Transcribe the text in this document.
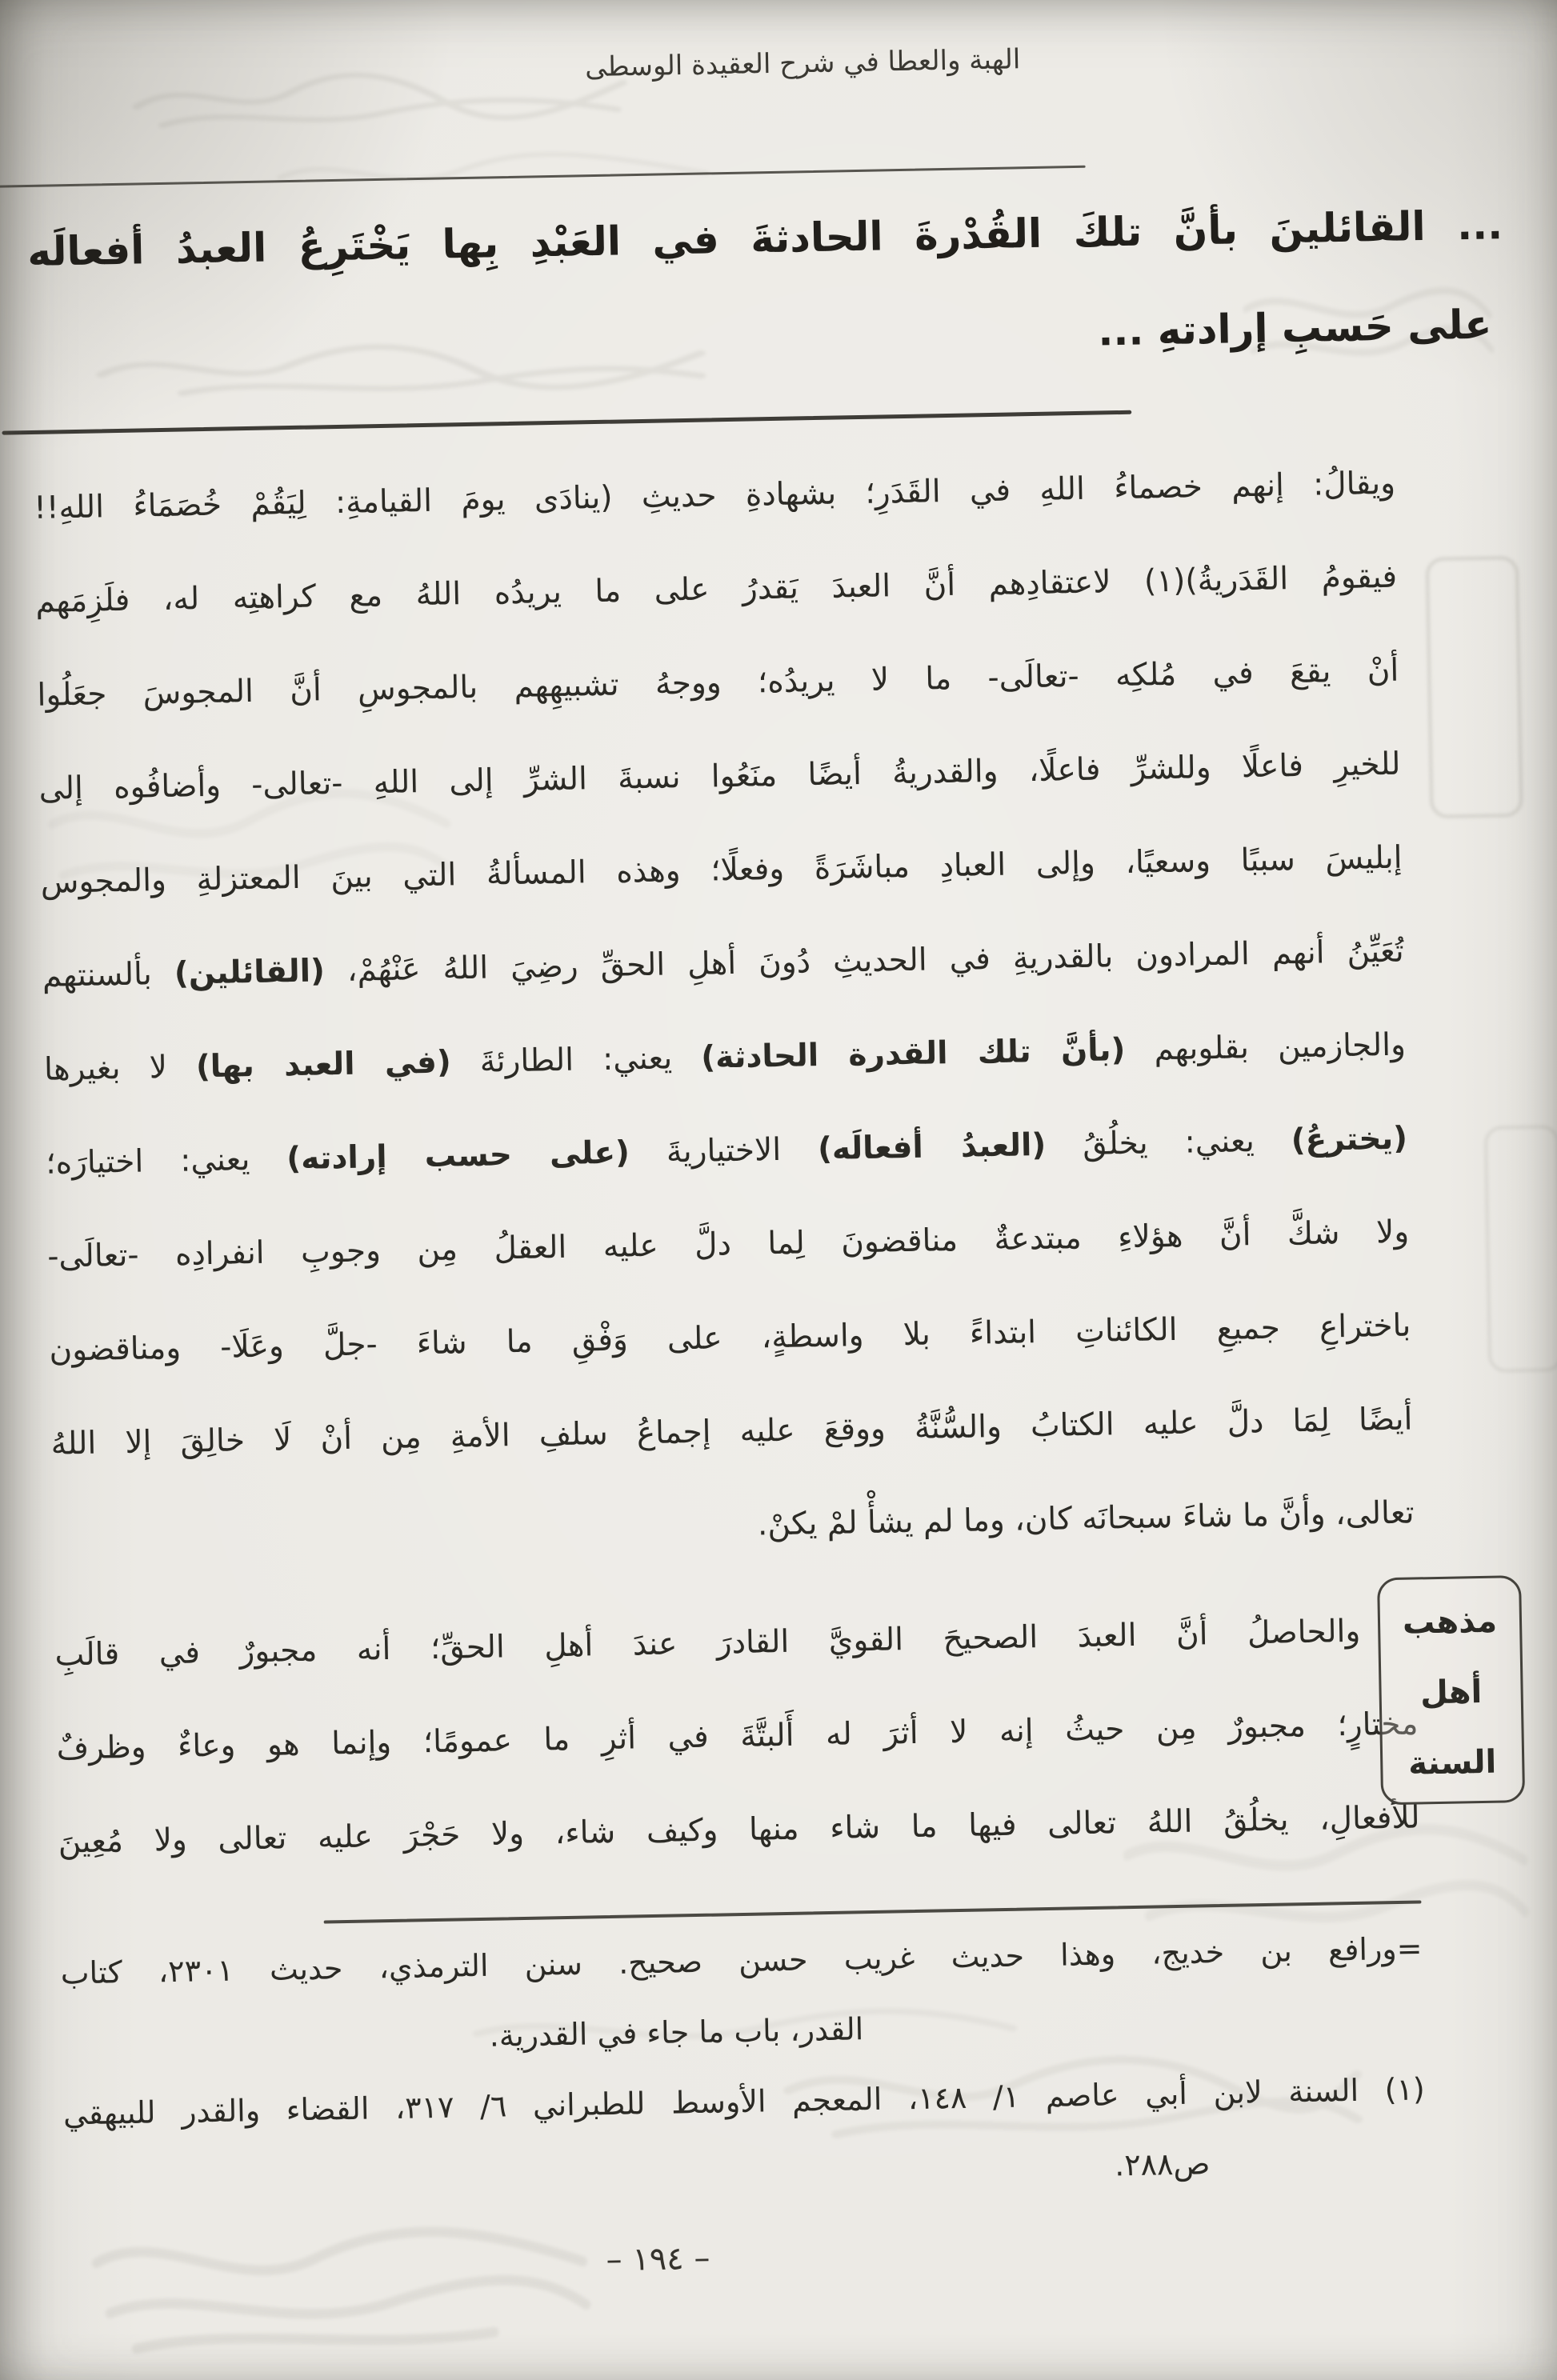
الهبة والعطا في شرح العقيدة الوسطى
... القائلينَ بأنَّ تلكَ القُدْرةَ الحادثةَ في العَبْدِ بِها يَخْتَرِعُ العبدُ أفعالَه
على حَسبِ إرادتهِ ...
ويقالُ: إنهم خصماءُ اللهِ في القَدَرِ؛ بشهادةِ حديثِ (ينادَى يومَ القيامةِ: لِيَقُمْ خُصَمَاءُ اللهِ!!
فيقومُ القَدَريةُ)(١) لاعتقادِهم أنَّ العبدَ يَقدرُ على ما يريدُه اللهُ مع كراهتِه له، فلَزِمَهم
أنْ يقعَ في مُلكِه -تعالَى- ما لا يريدُه؛ ووجهُ تشبيهِهم بالمجوسِ أنَّ المجوسَ جعَلُوا
للخيرِ فاعلًا وللشرِّ فاعلًا، والقدريةُ أيضًا منَعُوا نسبةَ الشرِّ إلى اللهِ -تعالى- وأضافُوه إلى
إبليسَ سببًا وسعيًا، وإلى العبادِ مباشَرَةً وفعلًا؛ وهذه المسألةُ التي بينَ المعتزلةِ والمجوس
تُعَيِّنُ أنهم المرادون بالقدريةِ في الحديثِ دُونَ أهلِ الحقِّ رضِيَ اللهُ عَنْهُمْ، (القائلين) بألسنتهم
والجازمين بقلوبهم (بأنَّ تلك القدرة الحادثة) يعني: الطارئةَ (في العبد بها) لا بغيرها
(يخترعُ) يعني: يخلُقُ (العبدُ أفعالَه) الاختياريةَ (على حسب إرادته) يعني: اختيارَه؛
ولا شكَّ أنَّ هؤلاءِ مبتدعةٌ مناقضونَ لِما دلَّ عليه العقلُ مِن وجوبِ انفرادِه -تعالَى-
باختراعِ جميعِ الكائناتِ ابتداءً بلا واسطةٍ، على وَفْقِ ما شاءَ -جلَّ وعَلَا- ومناقضون
أيضًا لِمَا دلَّ عليه الكتابُ والسُّنَّةُ ووقعَ عليه إجماعُ سلفِ الأمةِ مِن أنْ لَا خالِقَ إلا اللهُ
تعالى، وأنَّ ما شاءَ سبحانَه كان، وما لم يشأْ لمْ يكنْ.
والحاصلُ أنَّ العبدَ الصحيحَ القويَّ القادرَ عندَ أهلِ الحقِّ؛ أنه مجبورٌ في قالَبِ
مختارٍ؛ مجبورٌ مِن حيثُ إنه لا أثرَ له أَلبتَّةَ في أثرِ ما عمومًا؛ وإنما هو وعاءٌ وظرفٌ
للأفعالِ، يخلُقُ اللهُ تعالى فيها ما شاء منها وكيف شاء، ولا حَجْرَ عليه تعالى ولا مُعِينَ
مذهب
أهل
السنة
=ورافع بن خديج، وهذا حديث غريب حسن صحيح. سنن الترمذي، حديث ٢٣٠١، كتاب
القدر، باب ما جاء في القدرية.
(١) السنة لابن أبي عاصم ١/ ١٤٨، المعجم الأوسط للطبراني ٦/ ٣١٧، القضاء والقدر للبيهقي
ص٢٨٨.
– ١٩٤ –
